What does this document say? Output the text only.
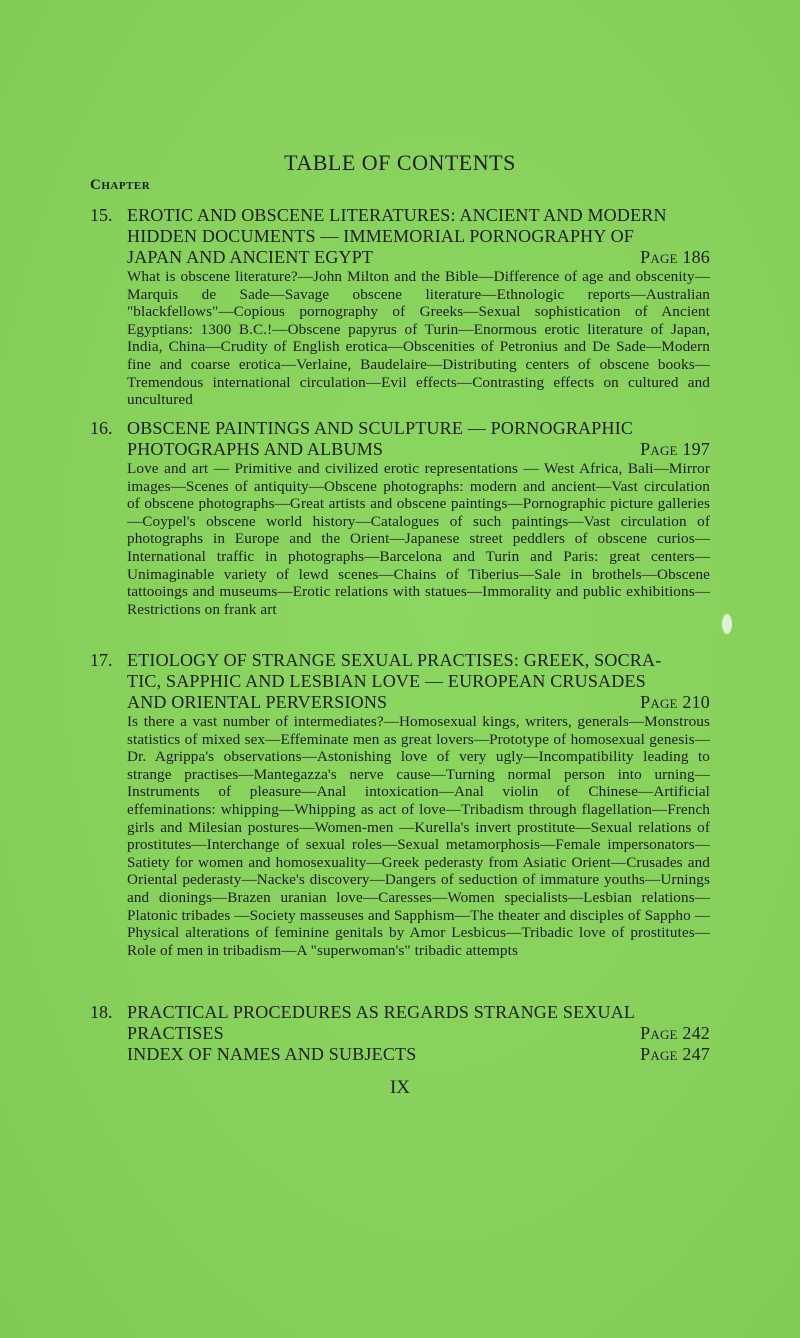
TABLE OF CONTENTS
Chapter
15. EROTIC AND OBSCENE LITERATURES: ANCIENT AND MODERN
HIDDEN DOCUMENTS — IMMEMORIAL PORNOGRAPHY OF
JAPAN AND ANCIENT EGYPT	Page 186
What is obscene literature?—John Milton and the Bible—Difference of age and obscenity—Marquis de Sade—Savage obscene literature—Ethnologic reports—Australian "blackfellows"—Copious pornography of Greeks—Sexual sophistication of Ancient Egyptians: 1300 B.C.!—Obscene papyrus of Turin—Enormous erotic literature of Japan, India, China—Crudity of English erotica—Obscenities of Petronius and De Sade—Modern fine and coarse erotica—Verlaine, Baudelaire—Distributing centers of obscene books—Tremendous international circulation—Evil effects—Contrasting effects on cultured and uncultured
16. OBSCENE PAINTINGS AND SCULPTURE — PORNOGRAPHIC
PHOTOGRAPHS AND ALBUMS	Page 197
Love and art — Primitive and civilized erotic representations — West Africa, Bali—Mirror images—Scenes of antiquity—Obscene photographs: modern and ancient—Vast circulation of obscene photographs—Great artists and obscene paintings—Pornographic picture galleries—Coypel's obscene world history—Catalogues of such paintings—Vast circulation of photographs in Europe and the Orient—Japanese street peddlers of obscene curios—International traffic in photographs—Barcelona and Turin and Paris: great centers—Unimaginable variety of lewd scenes—Chains of Tiberius—Sale in brothels—Obscene tattooings and museums—Erotic relations with statues—Immorality and public exhibitions—Restrictions on frank art
17. ETIOLOGY OF STRANGE SEXUAL PRACTISES: GREEK, SOCRA-
TIC, SAPPHIC AND LESBIAN LOVE — EUROPEAN CRUSADES
AND ORIENTAL PERVERSIONS	Page 210
Is there a vast number of intermediates?—Homosexual kings, writers, generals—Monstrous statistics of mixed sex—Effeminate men as great lovers—Prototype of homosexual genesis—Dr. Agrippa's observations—Astonishing love of very ugly—Incompatibility leading to strange practises—Mantegazza's nerve cause—Turning normal person into urning—Instruments of pleasure—Anal intoxication—Anal violin of Chinese—Artificial effeminations: whipping—Whipping as act of love—Tribadism through flagellation—French girls and Milesian postures—Women-men —Kurella's invert prostitute—Sexual relations of prostitutes—Interchange of sexual roles—Sexual metamorphosis—Female impersonators—Satiety for women and homosexuality—Greek pederasty from Asiatic Orient—Crusades and Oriental pederasty—Nacke's discovery—Dangers of seduction of immature youths—Urnings and dionings—Brazen uranian love—Caresses—Women specialists—Lesbian relations—Platonic tribades —Society masseuses and Sapphism—The theater and disciples of Sappho —Physical alterations of feminine genitals by Amor Lesbicus—Tribadic love of prostitutes—Role of men in tribadism—A "superwoman's" tribadic attempts
18. PRACTICAL PROCEDURES AS REGARDS STRANGE SEXUAL
PRACTISES	Page 242
INDEX OF NAMES AND SUBJECTS	Page 247
IX
